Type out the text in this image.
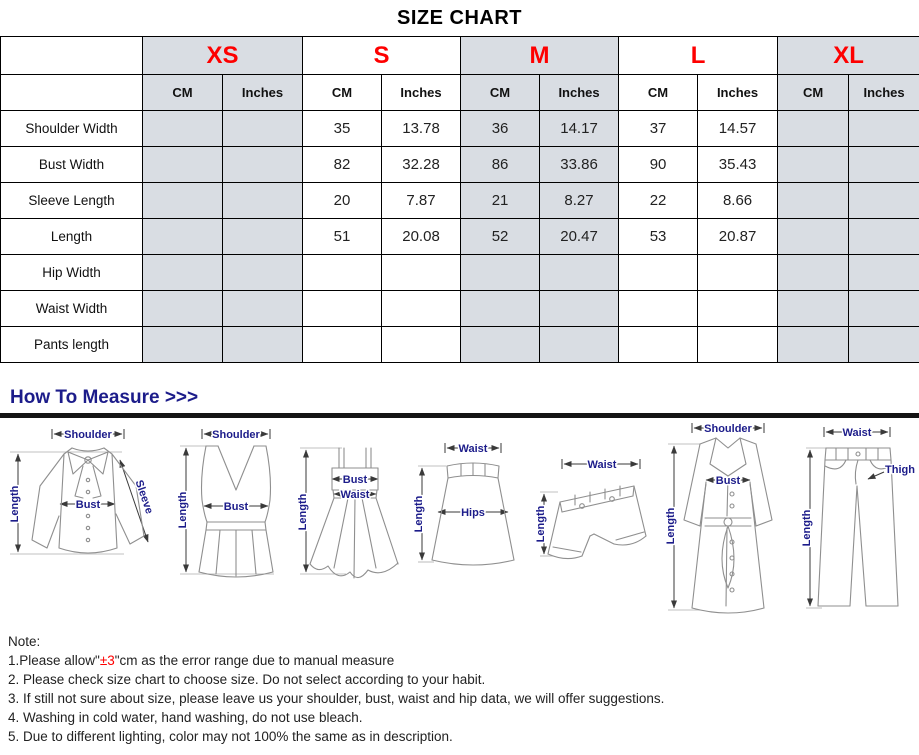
SIZE CHART
	XS		S		M		L		XL	
	CM	Inches	CM	Inches	CM	Inches	CM	Inches	CM	Inches
Shoulder Width			35	13.78	36	14.17	37	14.57		
Bust Width			82	32.28	86	33.86	90	35.43		
Sleeve Length			20	7.87	21	8.27	22	8.66		
Length			51	20.08	52	20.47	53	20.87		
Hip Width										
Waist Width										
Pants length										
How To Measure >>>
Shoulder
Length	Bust	Sleeve
Shoulder
Length	Bust	Length
Bust
Waist
Waist
Length	Hips
Waist
Length
Shoulder
Length
Bust
Waist
Length
Thigh
Note:
1.Please allow"±3"cm as the error range due to manual measure
2. Please check size chart to choose size. Do not select according to your habit.
3. If still not sure about size, please leave us your shoulder, bust, waist and hip data, we will offer suggestions.
4. Washing in cold water, hand washing, do not use bleach.
5. Due to different lighting, color may not 100% the same as in description.
